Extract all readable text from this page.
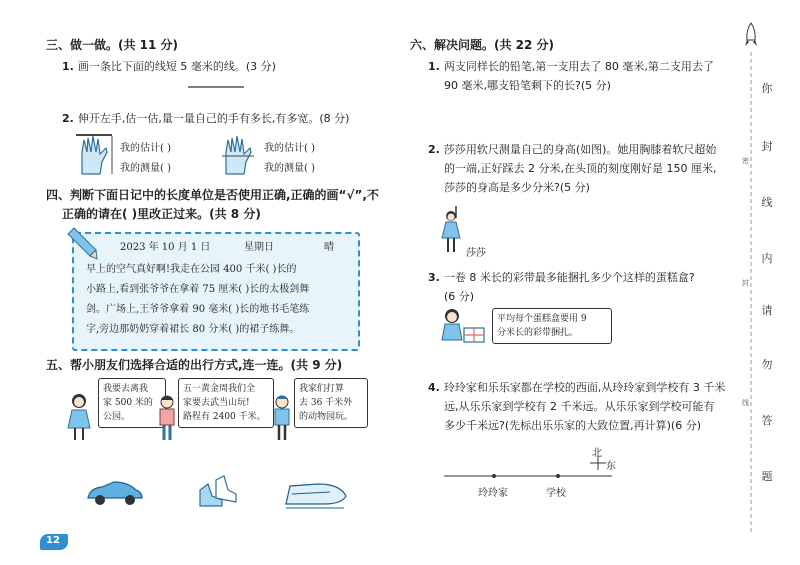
三、做一做。(共 11 分)
1. 画一条比下面的线短 5 毫米的线。(3 分)
2. 伸开左手,估一估,量一量自己的手有多长,有多宽。(8 分)
我的估计( )
我的测量( )
我的估计( )
我的测量( )
四、判断下面日记中的长度单位是否使用正确,正确的画“√”,不
正确的请在( )里改正过来。(共 8 分)
2023 年 10 月 1 日	星期日	晴
早上的空气真好啊!我走在公园 400 千米( )长的
小路上,看到张爷爷在拿着 75 厘米( )长的太极剑舞
剑。广场上,王爷爷拿着 90 毫米( )长的地书毛笔练
字,旁边那奶奶穿着裙长 80 分米( )的裙子练舞。
五、帮小朋友们选择合适的出行方式,连一连。(共 9 分)
我要去离我
家 500 米的
公园。
五一黄金周我们全
家要去武当山玩!
路程有 2400 千米。
我家们打算
去 36 千米外
的动物园玩。
12
六、解决问题。(共 22 分)
1. 两支同样长的铅笔,第一支用去了 80 毫米,第二支用去了
90 毫米,哪支铅笔剩下的长?(5 分)
2. 莎莎用软尺测量自己的身高(如图)。她用胸膝着软尺超始
的一端,正好踩去 2 分米,在头顶的刻度刚好是 150 厘米,
莎莎的身高是多少分米?(5 分)
莎莎
3. 一卷 8 米长的彩带最多能捆扎多少个这样的蛋糕盒?
(6 分)
平均每个蛋糕盒要用 9
分米长的彩带捆扎。
4. 玲玲家和乐乐家都在学校的西面,从玲玲家到学校有 3 千米
远,从乐乐家到学校有 2 千米远。从乐乐家到学校可能有
多少千米远?(先标出乐乐家的大致位置,再计算)(6 分)
北
东
玲玲家	学校
你
封
线
内
请
勿
答
题
密
封
线
